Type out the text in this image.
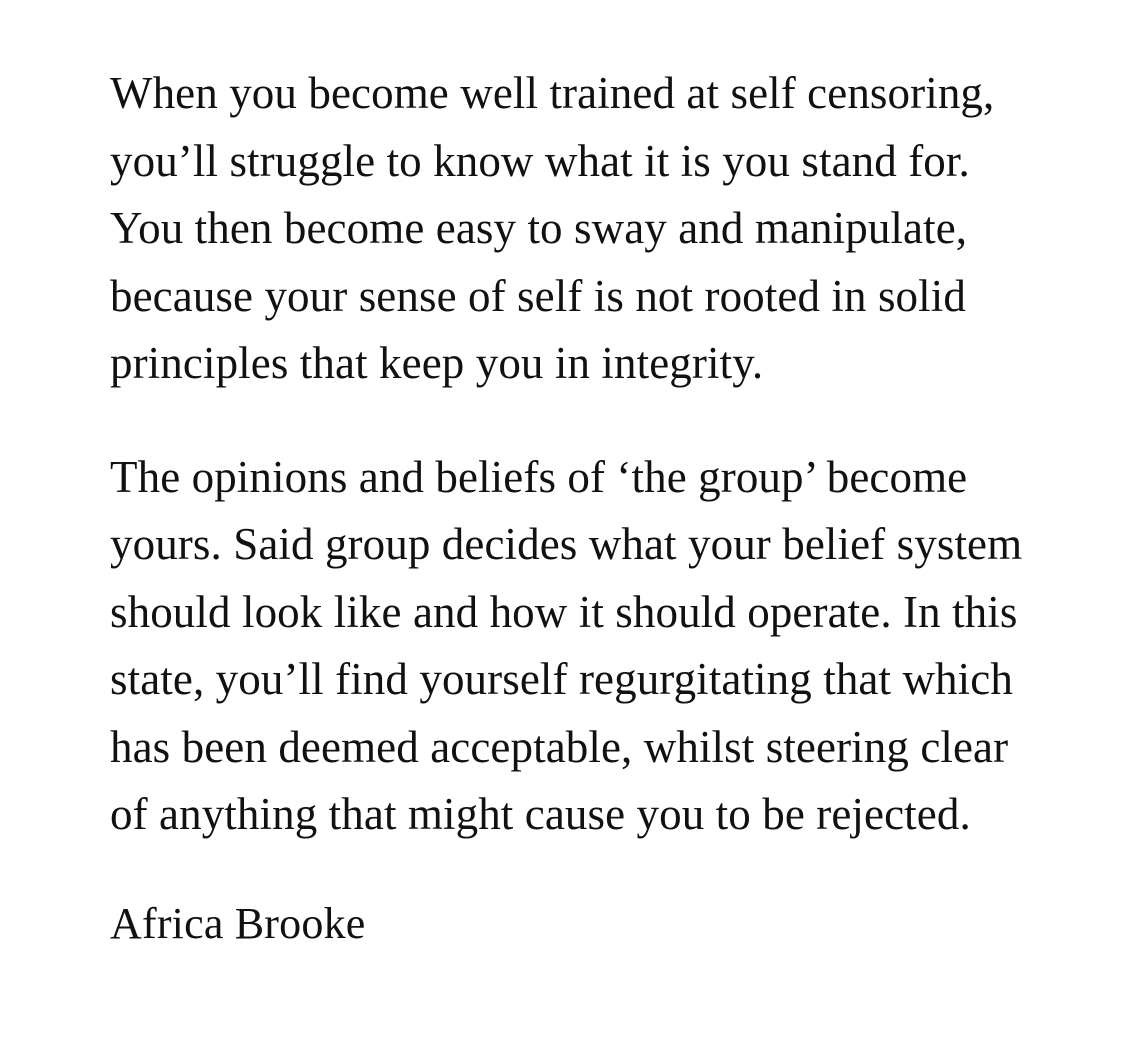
When you become well trained at self censoring, you’ll struggle to know what it is you stand for. You then become easy to sway and manipulate, because your sense of self is not rooted in solid principles that keep you in integrity.

The opinions and beliefs of ‘the group’ become yours. Said group decides what your belief system should look like and how it should operate. In this state, you’ll find yourself regurgitating that which has been deemed acceptable, whilst steering clear of anything that might cause you to be rejected.

Africa Brooke
